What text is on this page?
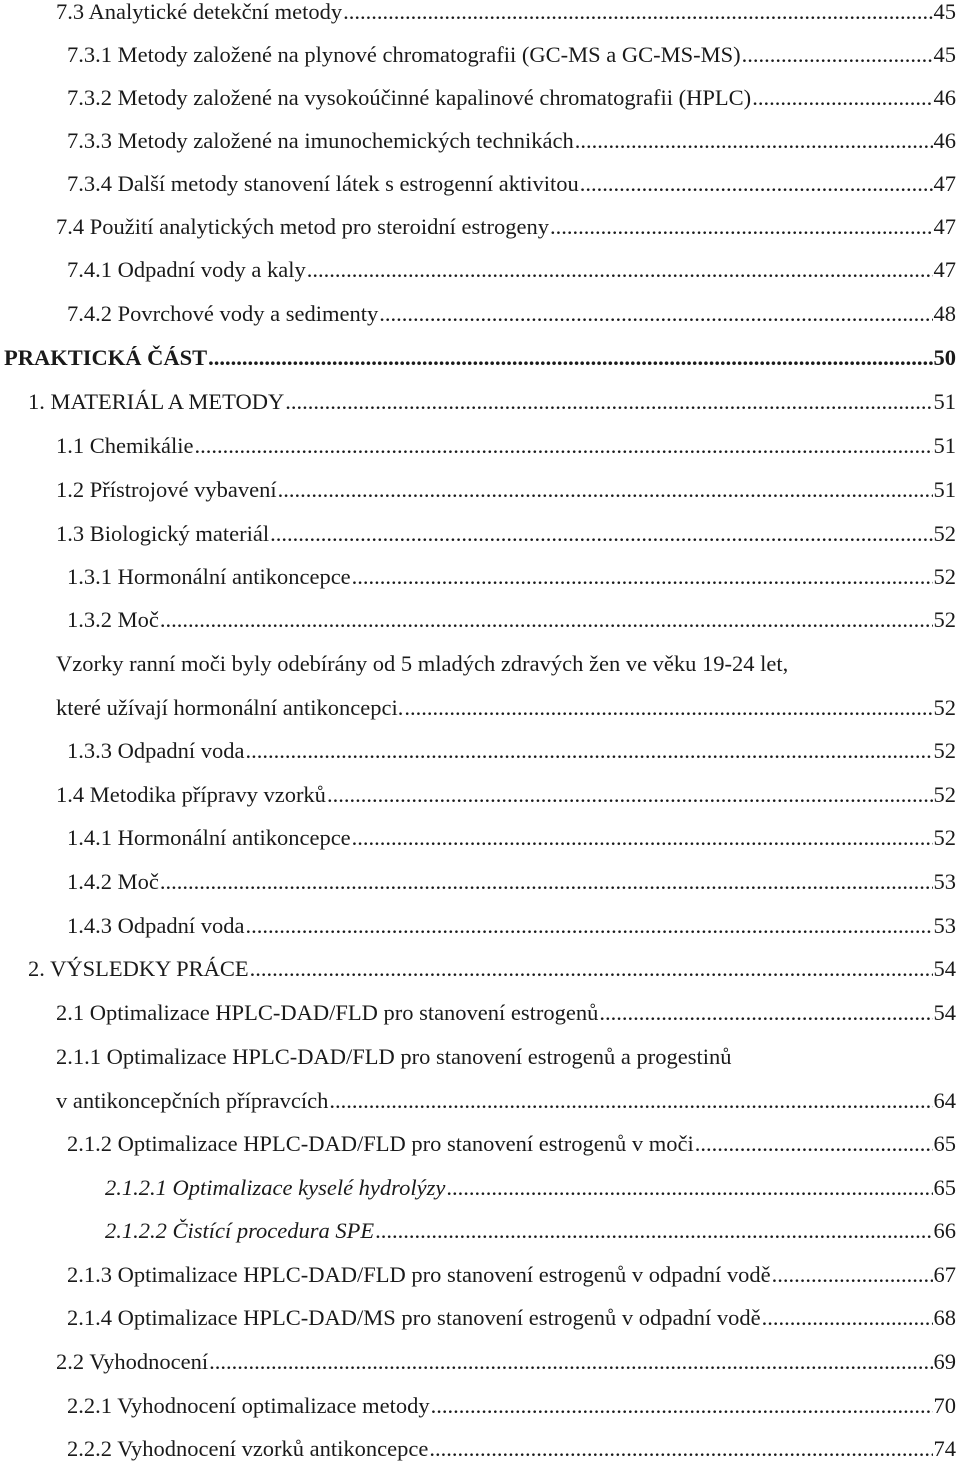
7.3 Analytické detekční metody .....	45
7.3.1 Metody založené na plynové chromatografii (GC-MS a GC-MS-MS) .....	45
7.3.2 Metody založené na vysokoúčinné kapalinové chromatografii (HPLC) .....	46
7.3.3 Metody založené na imunochemických technikách .....	46
7.3.4 Další metody stanovení látek s estrogenní aktivitou .....	47
7.4 Použití analytických metod pro steroidní estrogeny .....	47
7.4.1 Odpadní vody a kaly .....	47
7.4.2 Povrchové vody a sedimenty .....	48
PRAKTICKÁ ČÁST .....	50
1. MATERIÁL A METODY .....	51
1.1 Chemikálie .....	51
1.2 Přístrojové vybavení .....	51
1.3 Biologický materiál .....	52
1.3.1 Hormonální antikoncepce .....	52
1.3.2 Moč .....	52
Vzorky ranní moči byly odebírány od 5 mladých zdravých žen ve věku 19-24 let,
které užívají hormonální antikoncepci. .....	52
1.3.3 Odpadní voda .....	52
1.4 Metodika přípravy vzorků .....	52
1.4.1 Hormonální antikoncepce .....	52
1.4.2 Moč .....	53
1.4.3 Odpadní voda .....	53
2. VÝSLEDKY PRÁCE .....	54
2.1 Optimalizace HPLC-DAD/FLD pro stanovení estrogenů .....	54
2.1.1 Optimalizace HPLC-DAD/FLD pro stanovení estrogenů a progestinů
v antikoncepčních přípravcích .....	64
2.1.2 Optimalizace HPLC-DAD/FLD pro stanovení estrogenů v moči .....	65
2.1.2.1 Optimalizace kyselé hydrolýzy .....	65
2.1.2.2 Čistící procedura SPE .....	66
2.1.3 Optimalizace HPLC-DAD/FLD pro stanovení estrogenů v odpadní vodě .....	67
2.1.4 Optimalizace HPLC-DAD/MS pro stanovení estrogenů v odpadní vodě .....	68
2.2 Vyhodnocení .....	69
2.2.1 Vyhodnocení optimalizace metody .....	70
2.2.2 Vyhodnocení vzorků antikoncepce .....	74
